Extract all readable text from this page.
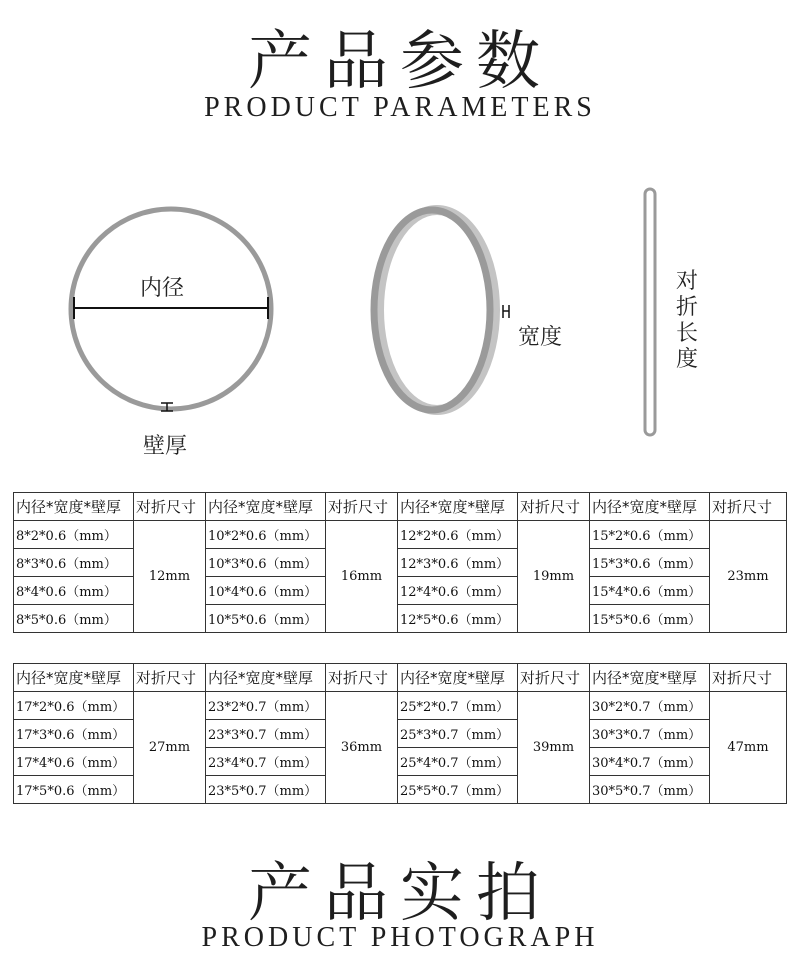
产品参数
PRODUCT PARAMETERS
内径
壁厚
宽度
对折长度
内径*宽度*壁厚	对折尺寸	内径*宽度*壁厚	对折尺寸	内径*宽度*壁厚	对折尺寸	内径*宽度*壁厚	对折尺寸
8*2*0.6（mm）	12mm	10*2*0.6（mm）	16mm	12*2*0.6（mm）	19mm	15*2*0.6（mm）	23mm
8*3*0.6（mm）		10*3*0.6（mm）		12*3*0.6（mm）		15*3*0.6（mm）	
8*4*0.6（mm）		10*4*0.6（mm）		12*4*0.6（mm）		15*4*0.6（mm）	
8*5*0.6（mm）		10*5*0.6（mm）		12*5*0.6（mm）		15*5*0.6（mm）	
内径*宽度*壁厚	对折尺寸	内径*宽度*壁厚	对折尺寸	内径*宽度*壁厚	对折尺寸	内径*宽度*壁厚	对折尺寸
17*2*0.6（mm）	27mm	23*2*0.7（mm）	36mm	25*2*0.7（mm）	39mm	30*2*0.7（mm）	47mm
17*3*0.6（mm）		23*3*0.7（mm）		25*3*0.7（mm）		30*3*0.7（mm）	
17*4*0.6（mm）		23*4*0.7（mm）		25*4*0.7（mm）		30*4*0.7（mm）	
17*5*0.6（mm）		23*5*0.7（mm）		25*5*0.7（mm）		30*5*0.7（mm）	
产品实拍
PRODUCT PHOTOGRAPH
